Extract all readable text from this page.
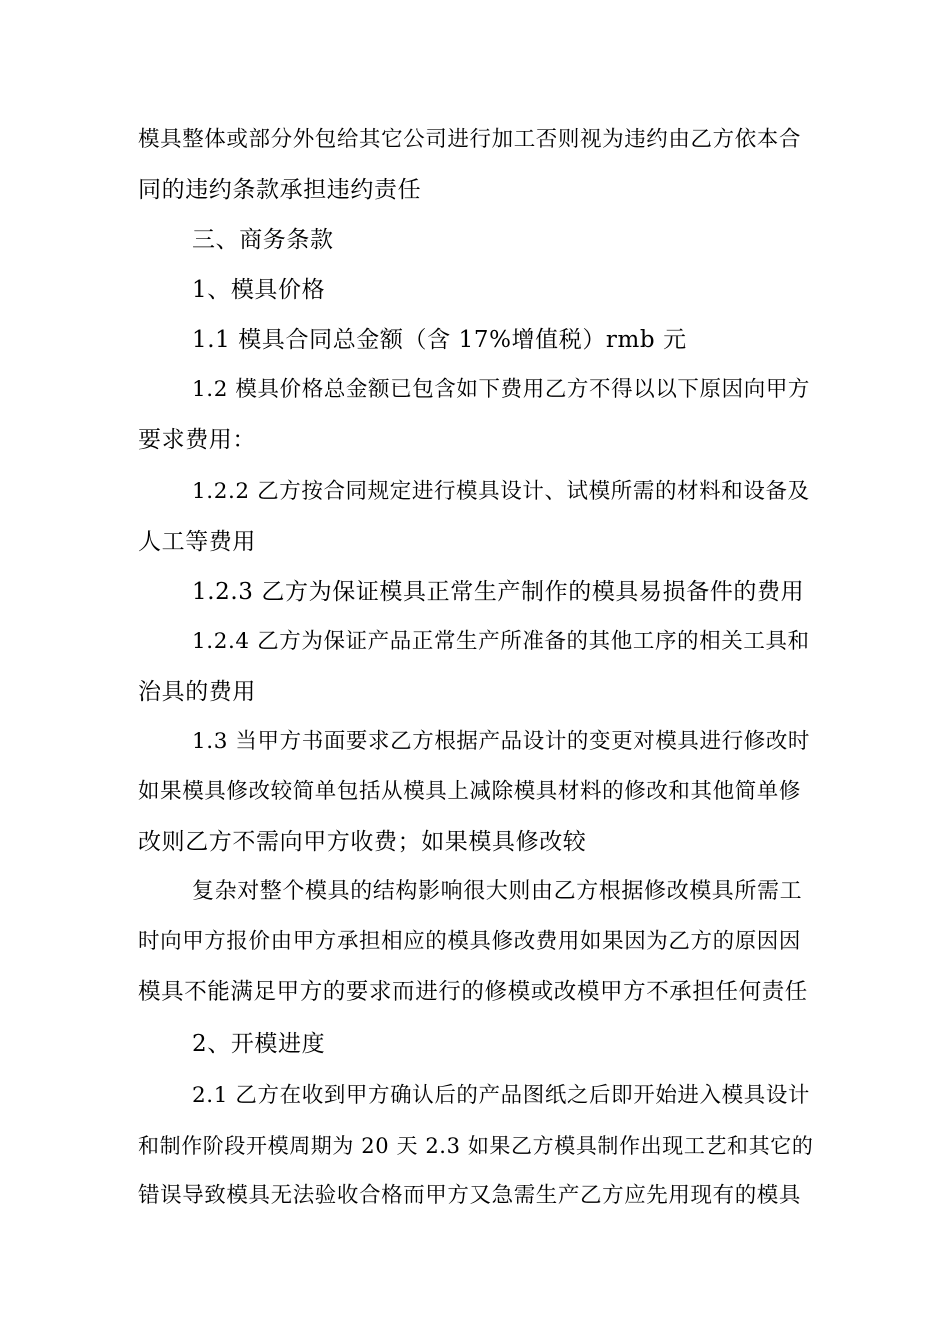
模具整体或部分外包给其它公司进行加工否则视为违约由乙方依本合
同的违约条款承担违约责任
三、商务条款
1、模具价格
1.1 模具合同总金额（含 17%增值税）rmb 元
1.2 模具价格总金额已包含如下费用乙方不得以以下原因向甲方
要求费用：
1.2.2 乙方按合同规定进行模具设计、试模所需的材料和设备及
人工等费用
1.2.3 乙方为保证模具正常生产制作的模具易损备件的费用
1.2.4 乙方为保证产品正常生产所准备的其他工序的相关工具和
治具的费用
1.3 当甲方书面要求乙方根据产品设计的变更对模具进行修改时
如果模具修改较简单包括从模具上减除模具材料的修改和其他简单修
改则乙方不需向甲方收费；如果模具修改较
复杂对整个模具的结构影响很大则由乙方根据修改模具所需工
时向甲方报价由甲方承担相应的模具修改费用如果因为乙方的原因因
模具不能满足甲方的要求而进行的修模或改模甲方不承担任何责任
2、开模进度
2.1 乙方在收到甲方确认后的产品图纸之后即开始进入模具设计
和制作阶段开模周期为 20 天 2.3 如果乙方模具制作出现工艺和其它的
错误导致模具无法验收合格而甲方又急需生产乙方应先用现有的模具
